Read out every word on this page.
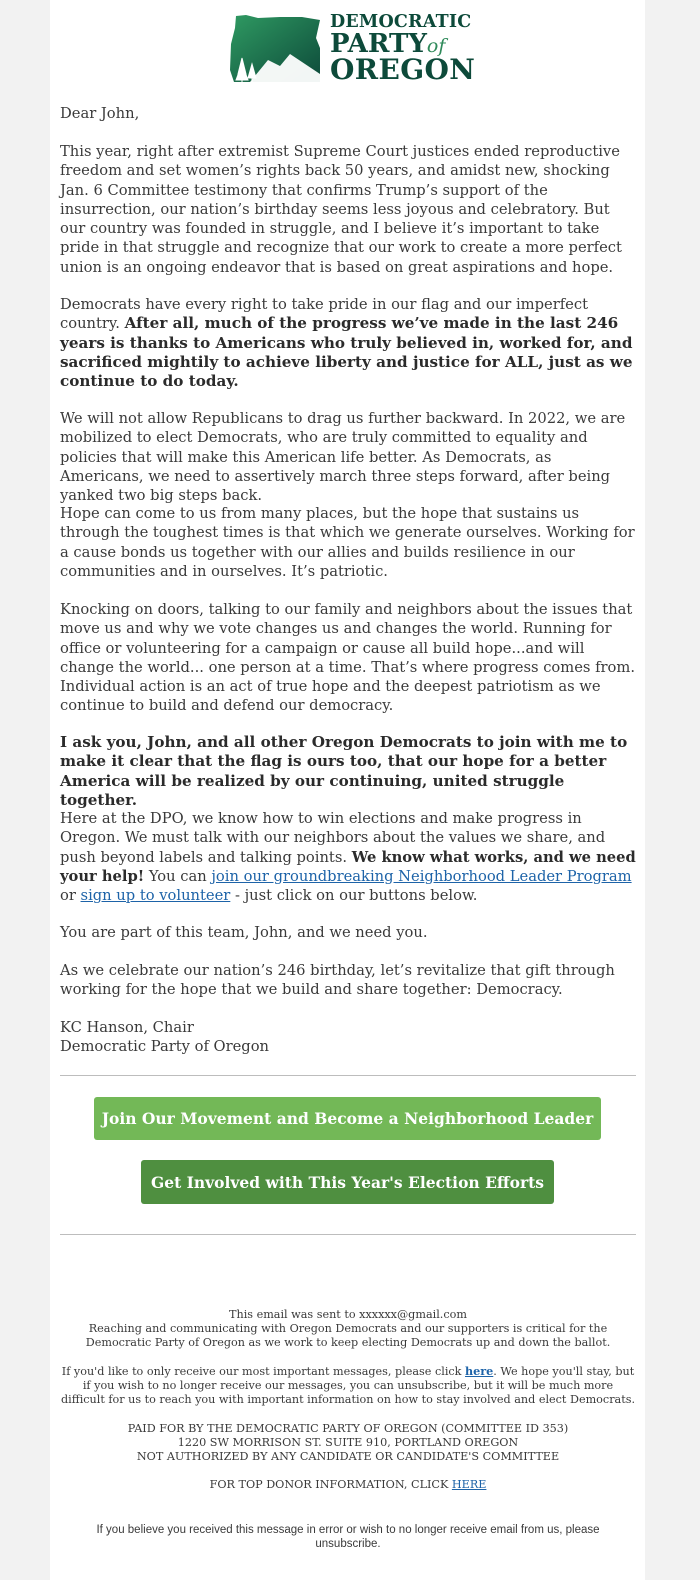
DEMOCRATIC
PARTYof
OREGON

Dear John,

This year, right after extremist Supreme Court justices ended reproductive freedom and set women’s rights back 50 years, and amidst new, shocking Jan. 6 Committee testimony that confirms Trump’s support of the insurrection, our nation’s birthday seems less joyous and celebratory. But our country was founded in struggle, and I believe it’s important to take pride in that struggle and recognize that our work to create a more perfect union is an ongoing endeavor that is based on great aspirations and hope.

Democrats have every right to take pride in our flag and our imperfect country. After all, much of the progress we’ve made in the last 246 years is thanks to Americans who truly believed in, worked for, and sacrificed mightily to achieve liberty and justice for ALL, just as we continue to do today.

We will not allow Republicans to drag us further backward. In 2022, we are mobilized to elect Democrats, who are truly committed to equality and policies that will make this American life better. As Democrats, as Americans, we need to assertively march three steps forward, after being yanked two big steps back.

Hope can come to us from many places, but the hope that sustains us through the toughest times is that which we generate ourselves. Working for a cause bonds us together with our allies and builds resilience in our communities and in ourselves. It’s patriotic.

Knocking on doors, talking to our family and neighbors about the issues that move us and why we vote changes us and changes the world. Running for office or volunteering for a campaign or cause all build hope...and will change the world... one person at a time. That’s where progress comes from. Individual action is an act of true hope and the deepest patriotism as we continue to build and defend our democracy.

I ask you, John, and all other Oregon Democrats to join with me to make it clear that the flag is ours too, that our hope for a better America will be realized by our continuing, united struggle together.

Here at the DPO, we know how to win elections and make progress in Oregon. We must talk with our neighbors about the values we share, and push beyond labels and talking points. We know what works, and we need your help! You can join our groundbreaking Neighborhood Leader Program or sign up to volunteer - just click on our buttons below.

You are part of this team, John, and we need you.

As we celebrate our nation’s 246 birthday, let’s revitalize that gift through working for the hope that we build and share together: Democracy.

KC Hanson, Chair
Democratic Party of Oregon

Join Our Movement and Become a Neighborhood Leader
Get Involved with This Year's Election Efforts

This email was sent to xxxxxx@gmail.com

Reaching and communicating with Oregon Democrats and our supporters is critical for the Democratic Party of Oregon as we work to keep electing Democrats up and down the ballot.

If you'd like to only receive our most important messages, please click here. We hope you'll stay, but if you wish to no longer receive our messages, you can unsubscribe, but it will be much more difficult for us to reach you with important information on how to stay involved and elect Democrats.

PAID FOR BY THE DEMOCRATIC PARTY OF OREGON (COMMITTEE ID 353)
1220 SW MORRISON ST. SUITE 910, PORTLAND OREGON
NOT AUTHORIZED BY ANY CANDIDATE OR CANDIDATE'S COMMITTEE

FOR TOP DONOR INFORMATION, CLICK HERE

If you believe you received this message in error or wish to no longer receive email from us, please unsubscribe.
